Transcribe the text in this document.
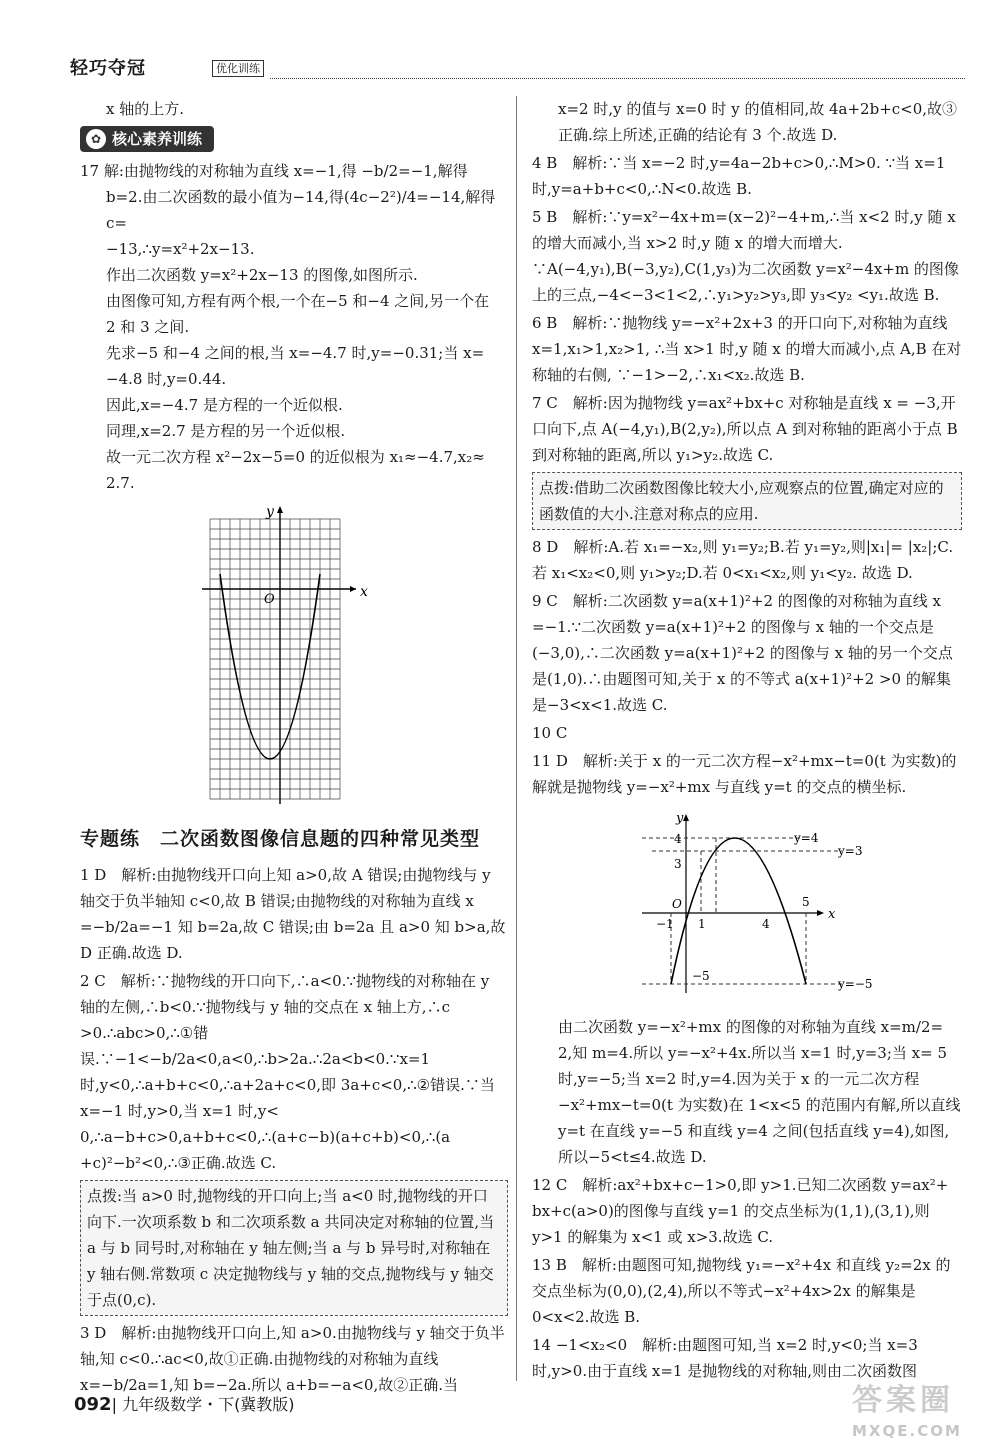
轻巧夺冠	优化训练

x 轴的上方.

✿ 核心素养训练

17 解:由抛物线的对称轴为直线 x=−1,得 −b/2=−1,解得

b=2.由二次函数的最小值为−14,得(4c−2²)/4=−14,解得 c=

−13,∴y=x²+2x−13.

作出二次函数 y=x²+2x−13 的图像,如图所示.

由图像可知,方程有两个根,一个在−5 和−4 之间,另一个在

2 和 3 之间.

先求−5 和−4 之间的根,当 x=−4.7 时,y=−0.31;当 x=

−4.8 时,y=0.44.

因此,x=−4.7 是方程的一个近似根.

同理,x=2.7 是方程的另一个近似根.

故一元二次方程 x²−2x−5=0 的近似根为 x₁≈−4.7,x₂≈

2.7.

y
x
O
专题练　二次函数图像信息题的四种常见类型

1 D　解析:由抛物线开口向上知 a>0,故 A 错误;由抛物线与 y 轴交于负半轴知 c<0,故 B 错误;由抛物线的对称轴为直线 x =−b/2a=−1 知 b=2a,故 C 错误;由 b=2a 且 a>0 知 b>a,故 D 正确.故选 D.

2 C　解析:∵抛物线的开口向下,∴a<0.∵抛物线的对称轴在 y 轴的左侧,∴b<0.∵抛物线与 y 轴的交点在 x 轴上方,∴c >0.∴abc>0,∴①错误.∵−1<−b/2a<0,a<0,∴b>2a.∴2a<b<0.∵x=1 时,y<0,∴a+b+c<0,∴a+2a+c<0,即 3a+c<0,∴②错误.∵当 x=−1 时,y>0,当 x=1 时,y< 0,∴a−b+c>0,a+b+c<0,∴(a+c−b)(a+c+b)<0,∴(a +c)²−b²<0,∴③正确.故选 C.

点拨:当 a>0 时,抛物线的开口向上;当 a<0 时,抛物线的开口向下.一次项系数 b 和二次项系数 a 共同决定对称轴的位置,当 a 与 b 同号时,对称轴在 y 轴左侧;当 a 与 b 异号时,对称轴在 y 轴右侧.常数项 c 决定抛物线与 y 轴的交点,抛物线与 y 轴交于点(0,c).

3 D　解析:由抛物线开口向上,知 a>0.由抛物线与 y 轴交于负半轴,知 c<0.∴ac<0,故①正确.由抛物线的对称轴为直线 x=−b/2a=1,知 b=−2a.所以 a+b=−a<0,故②正确.当

x=2 时,y 的值与 x=0 时 y 的值相同,故 4a+2b+c<0,故③正确.综上所述,正确的结论有 3 个.故选 D.

4 B　解析:∵当 x=−2 时,y=4a−2b+c>0,∴M>0. ∵当 x=1 时,y=a+b+c<0,∴N<0.故选 B.

5 B　解析:∵y=x²−4x+m=(x−2)²−4+m,∴当 x<2 时,y 随 x 的增大而减小,当 x>2 时,y 随 x 的增大而增大. ∵A(−4,y₁),B(−3,y₂),C(1,y₃)为二次函数 y=x²−4x+m 的图像上的三点,−4<−3<1<2,∴y₁>y₂>y₃,即 y₃<y₂ <y₁.故选 B.

6 B　解析:∵抛物线 y=−x²+2x+3 的开口向下,对称轴为直线 x=1,x₁>1,x₂>1, ∴当 x>1 时,y 随 x 的增大而减小,点 A,B 在对称轴的右侧, ∵−1>−2,∴x₁<x₂.故选 B.

7 C　解析:因为抛物线 y=ax²+bx+c 对称轴是直线 x = −3,开口向下,点 A(−4,y₁),B(2,y₂),所以点 A 到对称轴的距离小于点 B 到对称轴的距离,所以 y₁>y₂.故选 C.

点拨:借助二次函数图像比较大小,应观察点的位置,确定对应的函数值的大小.注意对称点的应用.

8 D　解析:A.若 x₁=−x₂,则 y₁=y₂;B.若 y₁=y₂,则|x₁|= |x₂|;C.若 x₁<x₂<0,则 y₁>y₂;D.若 0<x₁<x₂,则 y₁<y₂. 故选 D.

9 C　解析:二次函数 y=a(x+1)²+2 的图像的对称轴为直线 x =−1.∵二次函数 y=a(x+1)²+2 的图像与 x 轴的一个交点是(−3,0),∴二次函数 y=a(x+1)²+2 的图像与 x 轴的另一个交点是(1,0).∴由题图可知,关于 x 的不等式 a(x+1)²+2 >0 的解集是−3<x<1.故选 C.

10 C

11 D　解析:关于 x 的一元二次方程−x²+mx−t=0(t 为实数)的解就是抛物线 y=−x²+mx 与直线 y=t 的交点的横坐标.

y
x
O
4
3
−1 1	4
5
−5
y=4
y=3
y=−5

由二次函数 y=−x²+mx 的图像的对称轴为直线 x=m/2= 2,知 m=4.所以 y=−x²+4x.所以当 x=1 时,y=3;当 x= 5 时,y=−5;当 x=2 时,y=4.因为关于 x 的一元二次方程 −x²+mx−t=0(t 为实数)在 1<x<5 的范围内有解,所以直线 y=t 在直线 y=−5 和直线 y=4 之间(包括直线 y=4),如图,所以−5<t≤4.故选 D.

12 C　解析:ax²+bx+c−1>0,即 y>1.已知二次函数 y=ax²+ bx+c(a>0)的图像与直线 y=1 的交点坐标为(1,1),(3,1),则 y>1 的解集为 x<1 或 x>3.故选 C.

13 B　解析:由题图可知,抛物线 y₁=−x²+4x 和直线 y₂=2x 的交点坐标为(0,0),(2,4),所以不等式−x²+4x>2x 的解集是 0<x<2.故选 B.

14 −1<x₂<0　解析:由题图可知,当 x=2 时,y<0;当 x=3 时,y>0.由于直线 x=1 是抛物线的对称轴,则由二次函数图

092| 九年级数学・下(冀教版)	答案圈
MXQE.COM
